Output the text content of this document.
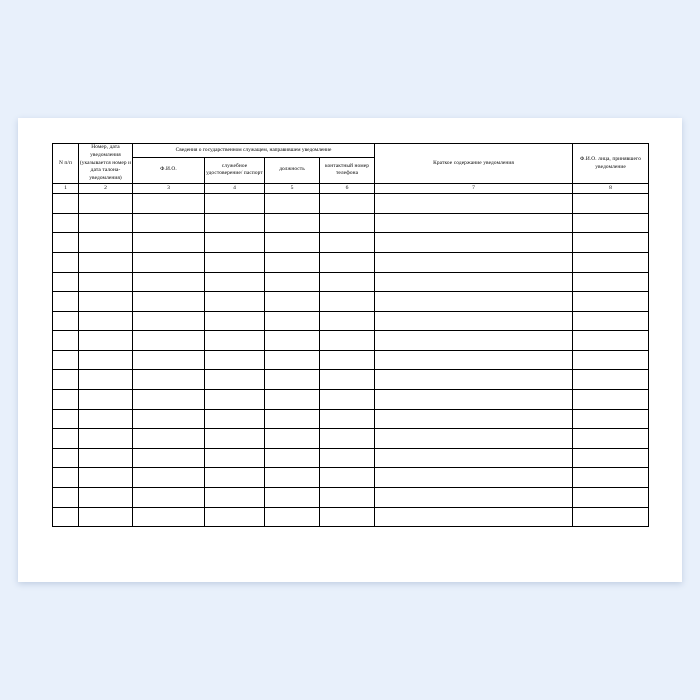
N п/п	Номер, дата уведомления (указывается номер и дата талона-уведомления)	Сведения о государственном служащем, направившем уведомление				Краткое содержание уведомления	Ф.И.О. лица, принявшего уведомление
		Ф.И.О.	служебное удостоверение/ паспорт	должность	контактный номер телефона		
1	2	3	4	5	6	7	8
